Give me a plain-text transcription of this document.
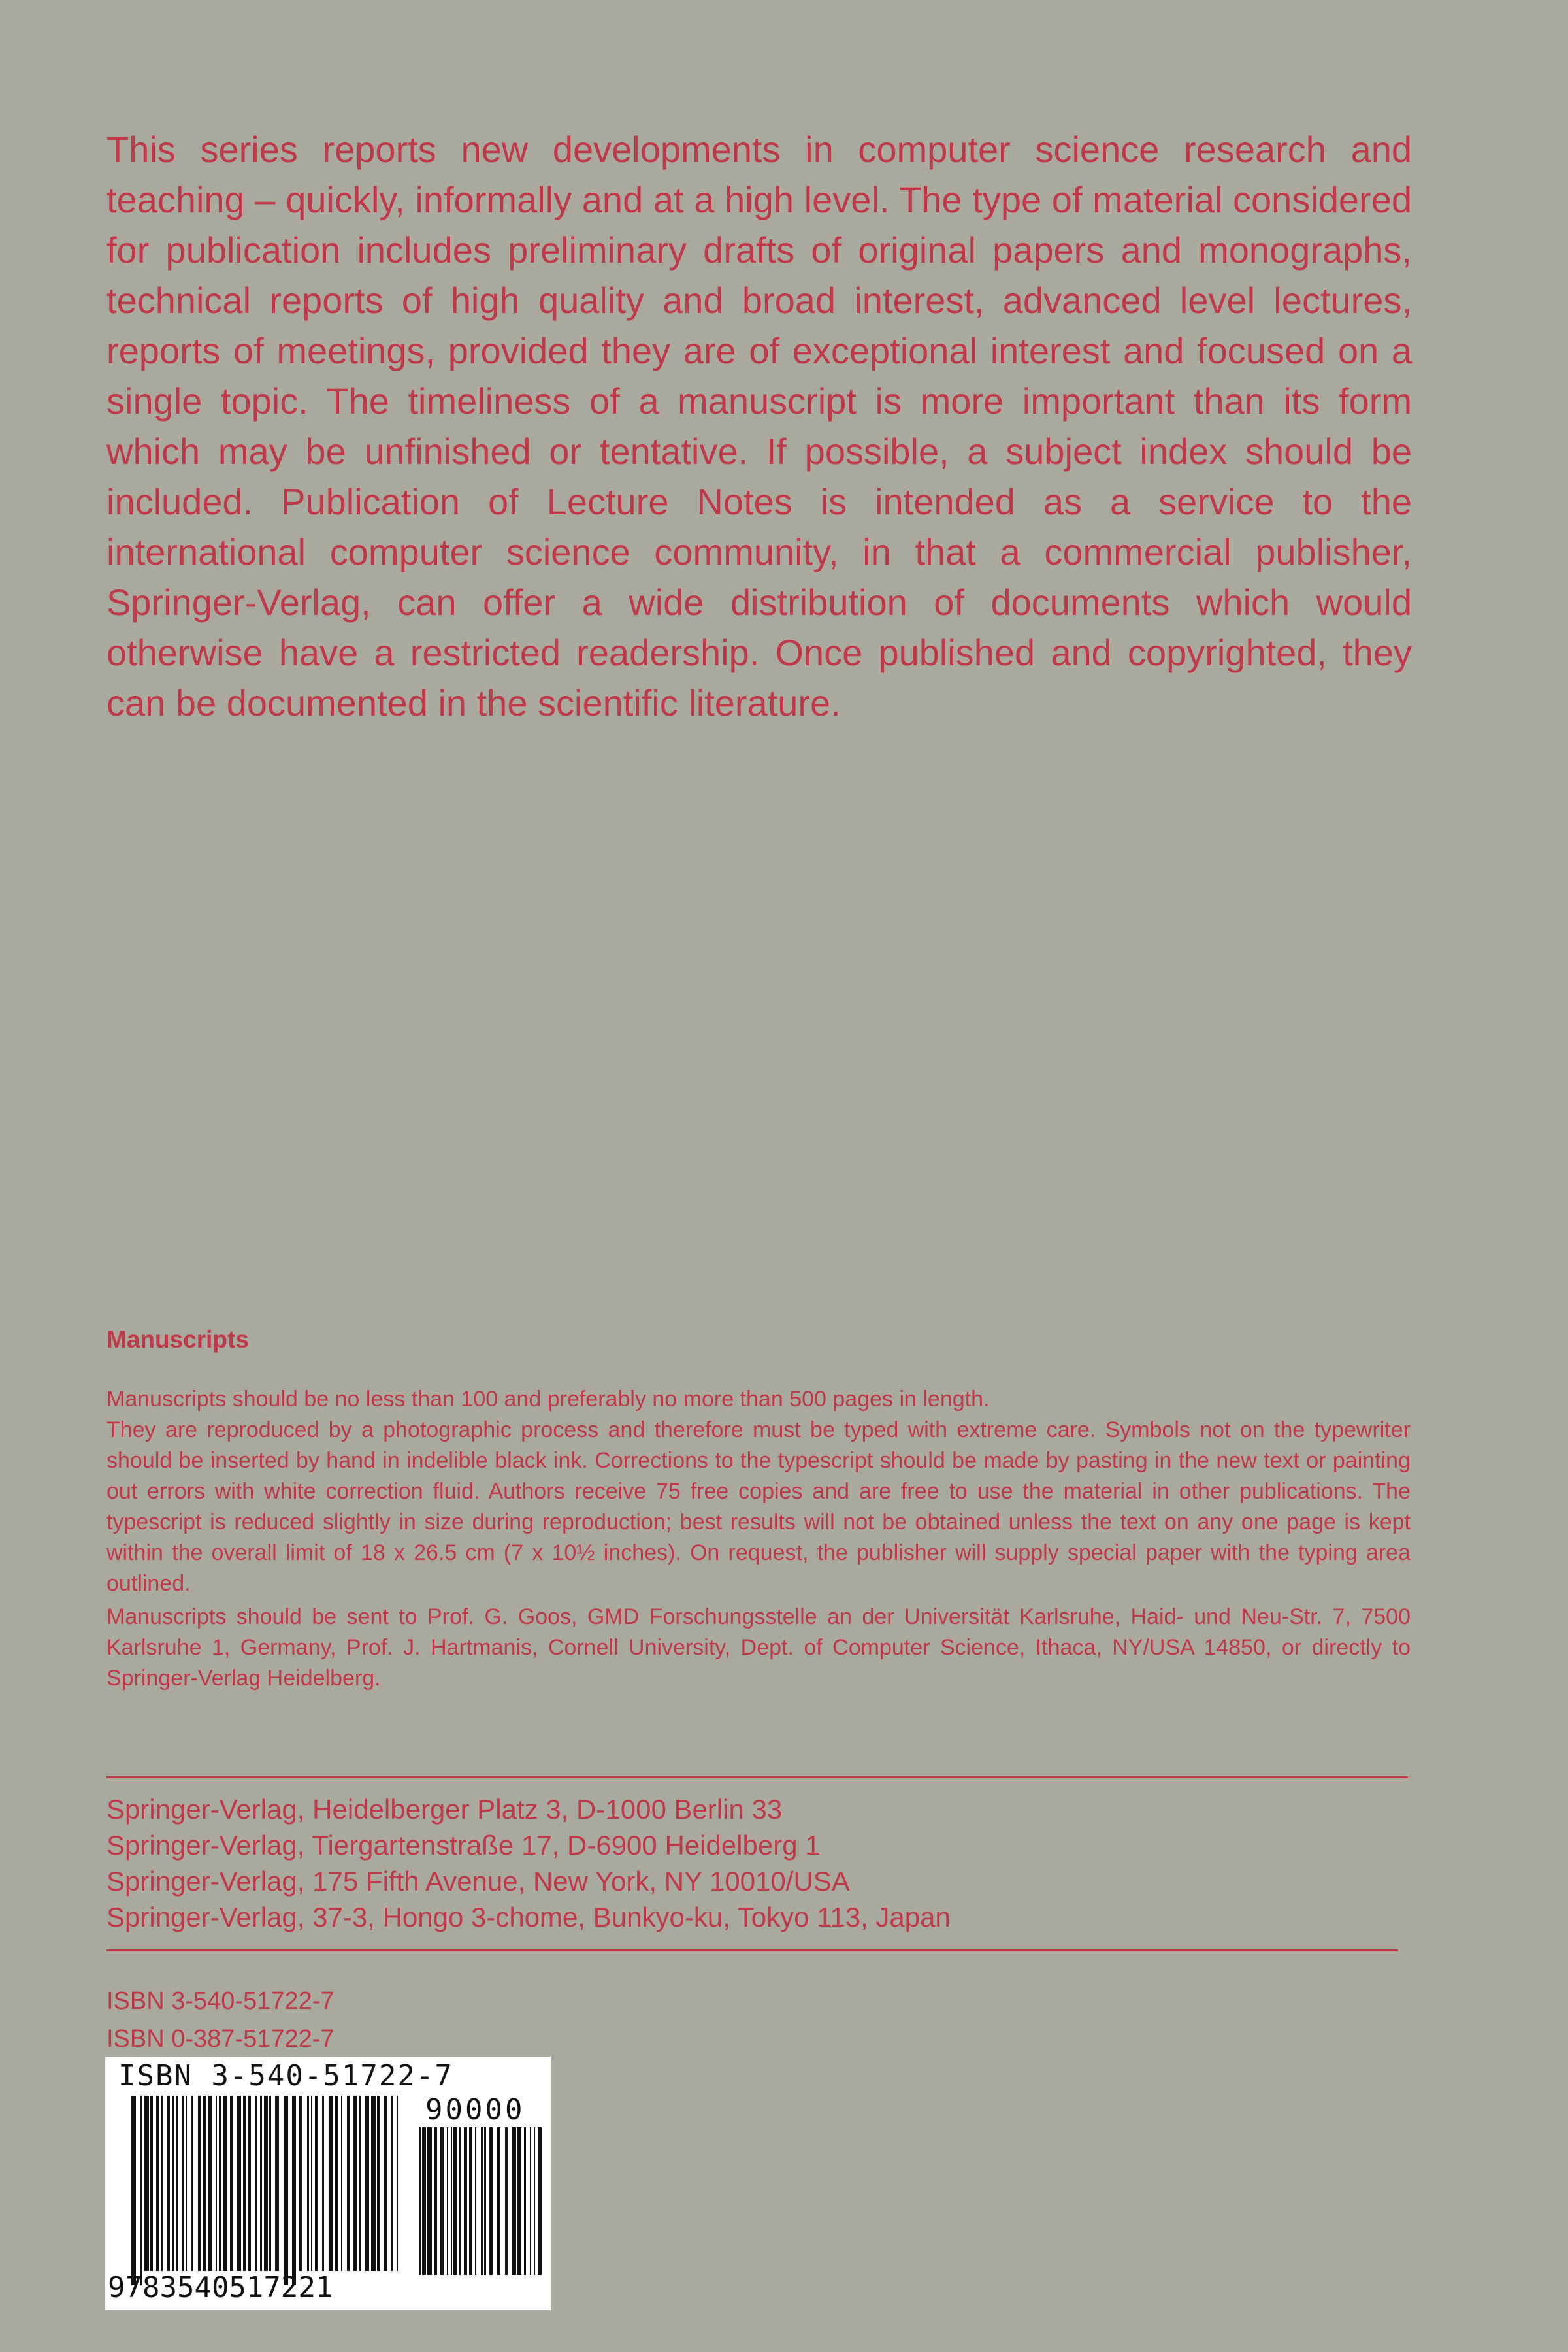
This series reports new developments in computer science research and teaching – quickly, informally and at a high level. The type of material considered for publication includes preliminary drafts of original papers and monographs, technical reports of high quality and broad interest, advanced level lectures, reports of meetings, provided they are of exceptional interest and focused on a single topic. The timeliness of a manuscript is more important than its form which may be unfinished or tentative. If possible, a subject index should be included. Publication of Lecture Notes is intended as a service to the international computer science community, in that a commercial publisher, Springer-Verlag, can offer a wide distribution of documents which would otherwise have a restricted readership. Once published and copyrighted, they can be documented in the scientific literature.

Manuscripts

Manuscripts should be no less than 100 and preferably no more than 500 pages in length.

They are reproduced by a photographic process and therefore must be typed with extreme care. Symbols not on the typewriter should be inserted by hand in indelible black ink. Corrections to the typescript should be made by pasting in the new text or painting out errors with white correction fluid. Authors receive 75 free copies and are free to use the material in other publications. The typescript is reduced slightly in size during reproduction; best results will not be obtained unless the text on any one page is kept within the overall limit of 18 x 26.5 cm (7 x 10½ inches). On request, the publisher will supply special paper with the typing area outlined.

Manuscripts should be sent to Prof. G. Goos, GMD Forschungsstelle an der Universität Karlsruhe, Haid- und Neu-Str. 7, 7500 Karlsruhe 1, Germany, Prof. J. Hartmanis, Cornell University, Dept. of Computer Science, Ithaca, NY/USA 14850, or directly to Springer-Verlag Heidelberg.

Springer-Verlag, Heidelberger Platz 3, D-1000 Berlin 33
Springer-Verlag, Tiergartenstraße 17, D-6900 Heidelberg 1
Springer-Verlag, 175 Fifth Avenue, New York, NY 10010/USA
Springer-Verlag, 37-3, Hongo 3-chome, Bunkyo-ku, Tokyo 113, Japan
ISBN 3-540-51722-7
ISBN 0-387-51722-7
ISBN 3-540-51722-7
90000
9783540517221
